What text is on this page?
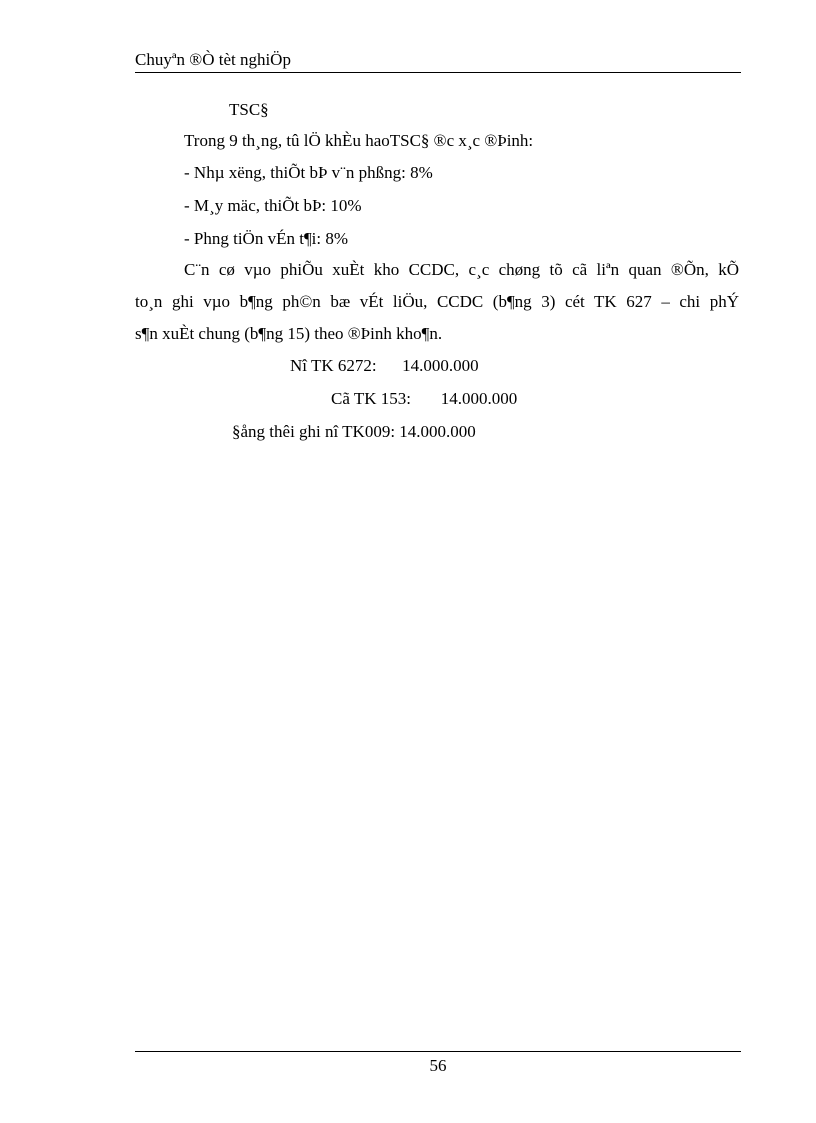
Chuyªn ®Ò tèt nghiÖp
TSC§
Trong 9 th¸ng, tû lÖ khÈu haoTSC§ ®c x¸c ®Þinh:
- Nhµ xëng, thiÕt bÞ v¨n phßng: 8%
- M¸y mäc, thiÕt bÞ: 10%
- Phng tiÖn vÉn t¶i: 8%
C¨n cø vµo phiÕu xuÈt kho CCDC, c¸c chøng tõ cã liªn quan ®Õn, kÕ
to¸n ghi vµo b¶ng ph©n bæ vÉt liÖu, CCDC (b¶ng 3) cét TK 627 – chi phÝ
s¶n xuÈt chung (b¶ng 15) theo ®Þinh kho¶n.
Nî TK 6272:      14.000.000
Cã TK 153:       14.000.000
§ång thêi ghi nî TK009: 14.000.000
56
